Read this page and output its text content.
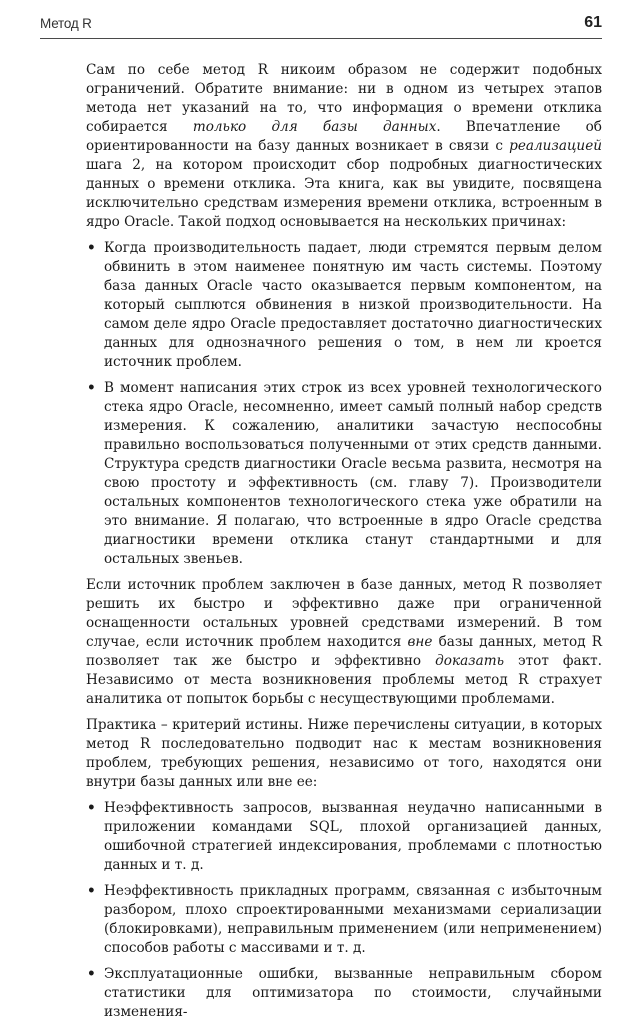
Метод R	61

Сам по себе метод R никоим образом не содержит подобных ограничений. Обратите внимание: ни в одном из четырех этапов метода нет указаний на то, что информация о времени отклика собирается только для базы данных. Впечатление об ориентированности на базу данных возникает в связи с реализацией шага 2, на котором происходит сбор подробных диагностических данных о времени отклика. Эта книга, как вы увидите, посвящена исключительно средствам измерения времени отклика, встроенным в ядро Oracle. Такой подход основывается на нескольких причинах:

• Когда производительность падает, люди стремятся первым делом обвинить в этом наименее понятную им часть системы. Поэтому база данных Oracle часто оказывается первым компонентом, на который сыплются обвинения в низкой производительности. На самом деле ядро Oracle предоставляет достаточно диагностических данных для однозначного решения о том, в нем ли кроется источник проблем.
• В момент написания этих строк из всех уровней технологического стека ядро Oracle, несомненно, имеет самый полный набор средств измерения. К сожалению, аналитики зачастую неспособны правильно воспользоваться полученными от этих средств данными. Структура средств диагностики Oracle весьма развита, несмотря на свою простоту и эффективность (см. главу 7). Производители остальных компонентов технологического стека уже обратили на это внимание. Я полагаю, что встроенные в ядро Oracle средства диагностики времени отклика станут стандартными и для остальных звеньев.

Если источник проблем заключен в базе данных, метод R позволяет решить их быстро и эффективно даже при ограниченной оснащенности остальных уровней средствами измерений. В том случае, если источник проблем находится вне базы данных, метод R позволяет так же быстро и эффективно доказать этот факт. Независимо от места возникновения проблемы метод R страхует аналитика от попыток борьбы с несуществующими проблемами.

Практика – критерий истины. Ниже перечислены ситуации, в которых метод R последовательно подводит нас к местам возникновения проблем, требующих решения, независимо от того, находятся они внутри базы данных или вне ее:

• Неэффективность запросов, вызванная неудачно написанными в приложении командами SQL, плохой организацией данных, ошибочной стратегией индексирования, проблемами с плотностью данных и т. д.
• Неэффективность прикладных программ, связанная с избыточным разбором, плохо спроектированными механизмами сериализации (блокировками), неправильным применением (или неприменением) способов работы с массивами и т. д.
• Эксплуатационные ошибки, вызванные неправильным сбором статистики для оптимизатора по стоимости, случайными изменения-
